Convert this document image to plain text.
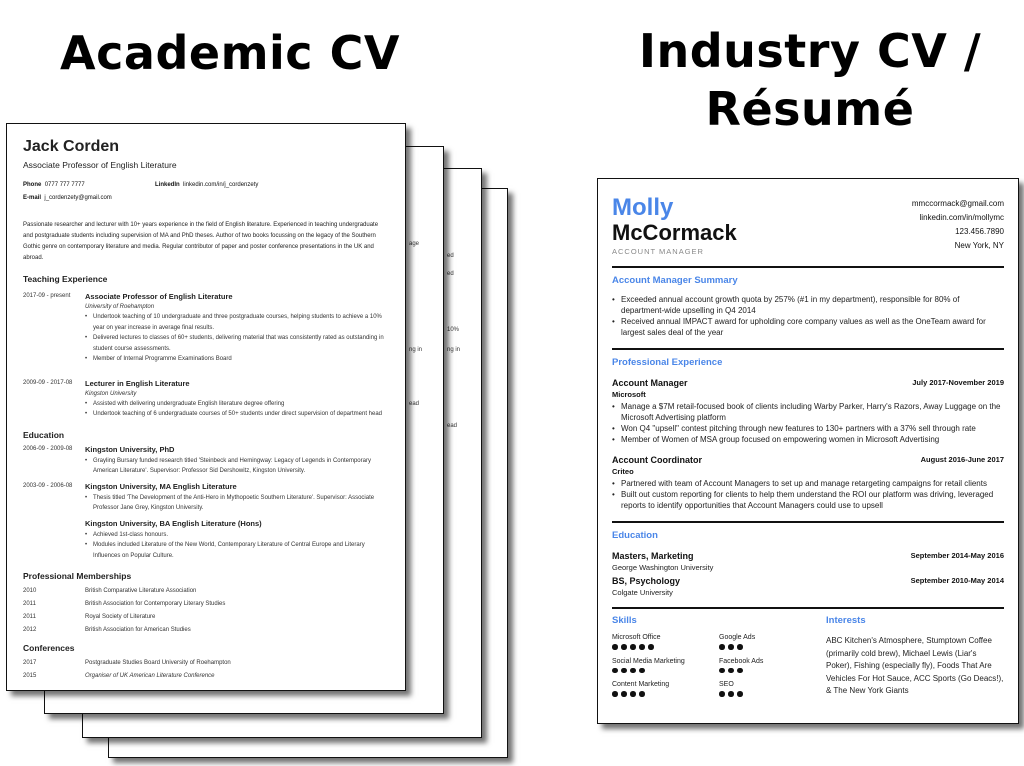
Academic CV	Industry CV /
Résumé
ed
ed
10%
ng in
ead
age
ng in
ead
Jack Corden
Associate Professor of English Literature
Phone 0777 777 7777	LinkedIn linkedin.com/in/j_cordenzety
E-mail j_cordenzety@gmail.com
Passionate researcher and lecturer with 10+ years experience in the field of English literature. Experienced in teaching undergraduate and postgraduate students including supervision of MA and PhD theses. Author of two books focussing on the legacy of the Southern Gothic genre on contemporary literature and media. Regular contributor of paper and poster conference presentations in the UK and abroad.
Teaching Experience
2017-09 - present	Associate Professor of English Literature
University of Roehampton
• Undertook teaching of 10 undergraduate and three postgraduate courses, helping students to achieve a 10% year on year increase in average final results.
• Delivered lectures to classes of 60+ students, delivering material that was consistently rated as outstanding in student course assessments.
• Member of Internal Programme Examinations Board
2009-09 - 2017-08	Lecturer in English Literature
Kingston University
• Assisted with delivering undergraduate English literature degree offering
• Undertook teaching of 6 undergraduate courses of 50+ students under direct supervision of department head
Education
2006-09 - 2009-08	Kingston University, PhD
• Grayling Bursary funded research titled 'Steinbeck and Hemingway: Legacy of Legends in Contemporary American Literature'. Supervisor: Professor Sid Dershowitz, Kingston University.
2003-09 - 2006-08	Kingston University, MA English Literature
• Thesis titled 'The Development of the Anti-Hero in Mythopoetic Southern Literature'. Supervisor: Associate Professor Jane Grey, Kingston University.
Kingston University, BA English Literature (Hons)
• Achieved 1st-class honours.
• Modules included Literature of the New World, Contemporary Literature of Central Europe and Literary Influences on Popular Culture.
Professional Memberships
2010	British Comparative Literature Association
2011	British Association for Contemporary Literary Studies
2011	Royal Society of Literature
2012	British Association for American Studies
Conferences
2017	Postgraduate Studies Board University of Roehampton
2015	Organiser of UK American Literature Conference
Molly
McCormack
ACCOUNT MANAGER
mmccormack@gmail.com
linkedin.com/in/mollymc
123.456.7890
New York, NY
Account Manager Summary
• Exceeded annual account growth quota by 257% (#1 in my department), responsible for 80% of department-wide upselling in Q4 2014
• Received annual IMPACT award for upholding core company values as well as the OneTeam award for largest sales deal of the year
Professional Experience
Account Manager	July 2017-November 2019
Microsoft
• Manage a $7M retail-focused book of clients including Warby Parker, Harry's Razors, Away Luggage on the Microsoft Advertising platform
• Won Q4 "upsell" contest pitching through new features to 130+ partners with a 37% sell through rate
• Member of Women of MSA group focused on empowering women in Microsoft Advertising
Account Coordinator	August 2016-June 2017
Criteo
• Partnered with team of Account Managers to set up and manage retargeting campaigns for retail clients
• Built out custom reporting for clients to help them understand the ROI our platform was driving, leveraged reports to identify opportunities that Account Managers could use to upsell
Education
Masters, Marketing	September 2014-May 2016
George Washington University
BS, Psychology	September 2010-May 2014
Colgate University
Skills
Microsoft Office	Google Ads
Social Media Marketing	Facebook Ads
Content Marketing	SEO
Interests
ABC Kitchen's Atmosphere, Stumptown Coffee (primarily cold brew), Michael Lewis (Liar's Poker), Fishing (especially fly), Foods That Are Vehicles For Hot Sauce, ACC Sports (Go Deacs!), & The New York Giants
